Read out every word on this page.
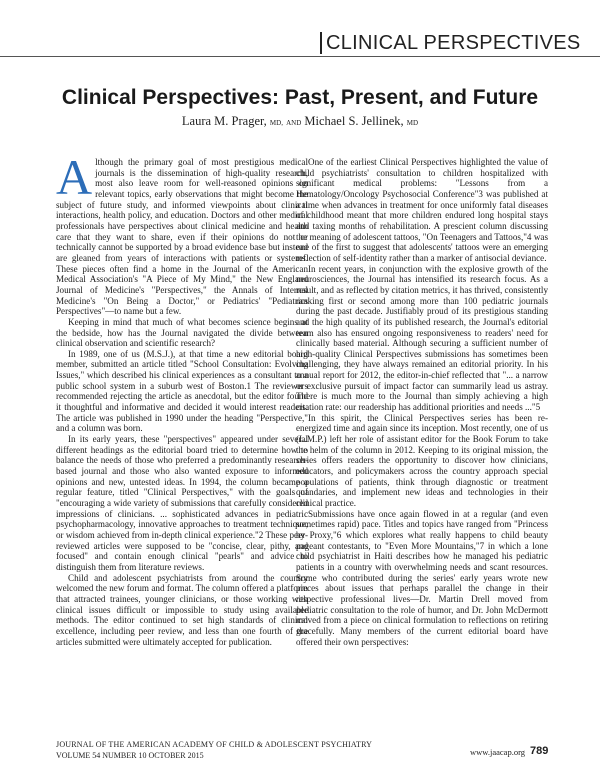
CLINICAL PERSPECTIVES
Clinical Perspectives: Past, Present, and Future
Laura M. Prager, MD, AND Michael S. Jellinek, MD

Although the primary goal of most prestigious medical journals is the dissemination of high-quality research, most also leave room for well-reasoned opinions on relevant topics, early observations that might become the subject of future study, and informed viewpoints about clinical interactions, health policy, and education. Doctors and other medical professionals have perspectives about clinical medicine and health care that they want to share, even if their opinions do not or technically cannot be supported by a broad evidence base but instead are gleaned from years of interactions with patients or systems. These pieces often find a home in the Journal of the American Medical Association's "A Piece of My Mind," the New England Journal of Medicine's "Perspectives," the Annals of Internal Medicine's "On Being a Doctor," or Pediatrics' "Pediatrics Perspectives"—to name but a few.

Keeping in mind that much of what becomes science begins at the bedside, how has the Journal navigated the divide between clinical observation and scientific research?

In 1989, one of us (M.S.J.), at that time a new editorial board member, submitted an article titled "School Consultation: Evolving Issues," which described his clinical experiences as a consultant to a public school system in a suburb west of Boston.1 The reviewers recommended rejecting the article as anecdotal, but the editor found it thoughtful and informative and decided it would interest readers. The article was published in 1990 under the heading "Perspective," and a column was born.

In its early years, these "perspectives" appeared under several different headings as the editorial board tried to determine how to balance the needs of those who preferred a predominantly research-based journal and those who also wanted exposure to informed opinions and new, untested ideas. In 1994, the column became a regular feature, titled "Clinical Perspectives," with the goals of "encouraging a wide variety of submissions that carefully considered impressions of clinicians. ... sophisticated advances in pediatric psychopharmacology, innovative approaches to treatment technique, or wisdom achieved from in-depth clinical experience."2 These peer-reviewed articles were supposed to be "concise, clear, pithy, and focused" and contain enough clinical "pearls" and advice to distinguish them from literature reviews.

Child and adolescent psychiatrists from around the country welcomed the new forum and format. The column offered a platform that attracted trainees, younger clinicians, or those working with clinical issues difficult or impossible to study using available methods. The editor continued to set high standards of clinical excellence, including peer review, and less than one fourth of the articles submitted were ultimately accepted for publication.

One of the earliest Clinical Perspectives highlighted the value of child psychiatrists' consultation to children hospitalized with significant medical problems: "Lessons from a Hematology/Oncology Psychosocial Conference"3 was published at a time when advances in treatment for once uniformly fatal diseases of childhood meant that more children endured long hospital stays and taxing months of rehabilitation. A prescient column discussing the meaning of adolescent tattoos, "On Teenagers and Tattoos,"4 was one of the first to suggest that adolescents' tattoos were an emerging reflection of self-identity rather than a marker of antisocial deviance.

In recent years, in conjunction with the explosive growth of the neurosciences, the Journal has intensified its research focus. As a result, and as reflected by citation metrics, it has thrived, consistently ranking first or second among more than 100 pediatric journals during the past decade. Justifiably proud of its prestigious standing and the high quality of its published research, the Journal's editorial team also has ensured ongoing responsiveness to readers' need for clinically based material. Although securing a sufficient number of high-quality Clinical Perspectives submissions has sometimes been challenging, they have always remained an editorial priority. In his annual report for 2012, the editor-in-chief reflected that "... a narrow or exclusive pursuit of impact factor can summarily lead us astray. There is much more to the Journal than simply achieving a high citation rate: our readership has additional priorities and needs ..."5

In this spirit, the Clinical Perspectives series has been re-energized time and again since its inception. Most recently, one of us (L.M.P.) left her role of assistant editor for the Book Forum to take the helm of the column in 2012. Keeping to its original mission, the series offers readers the opportunity to discover how clinicians, educators, and policymakers across the country approach special populations of patients, think through diagnostic or treatment quandaries, and implement new ideas and technologies in their clinical practice.

Submissions have once again flowed in at a regular (and even sometimes rapid) pace. Titles and topics have ranged from "Princess by Proxy,"6 which explores what really happens to child beauty pageant contestants, to "Even More Mountains,"7 in which a lone child psychiatrist in Haiti describes how he managed his pediatric patients in a country with overwhelming needs and scant resources. Some who contributed during the series' early years wrote new pieces about issues that perhaps parallel the change in their respective professional lives—Dr. Martin Drell moved from pediatric consultation to the role of humor, and Dr. John McDermott moved from a piece on clinical formulation to reflections on retiring gracefully. Many members of the current editorial board have offered their own perspectives:

JOURNAL OF THE AMERICAN ACADEMY OF CHILD & ADOLESCENT PSYCHIATRY
VOLUME 54 NUMBER 10 OCTOBER 2015	www.jaacap.org 789
